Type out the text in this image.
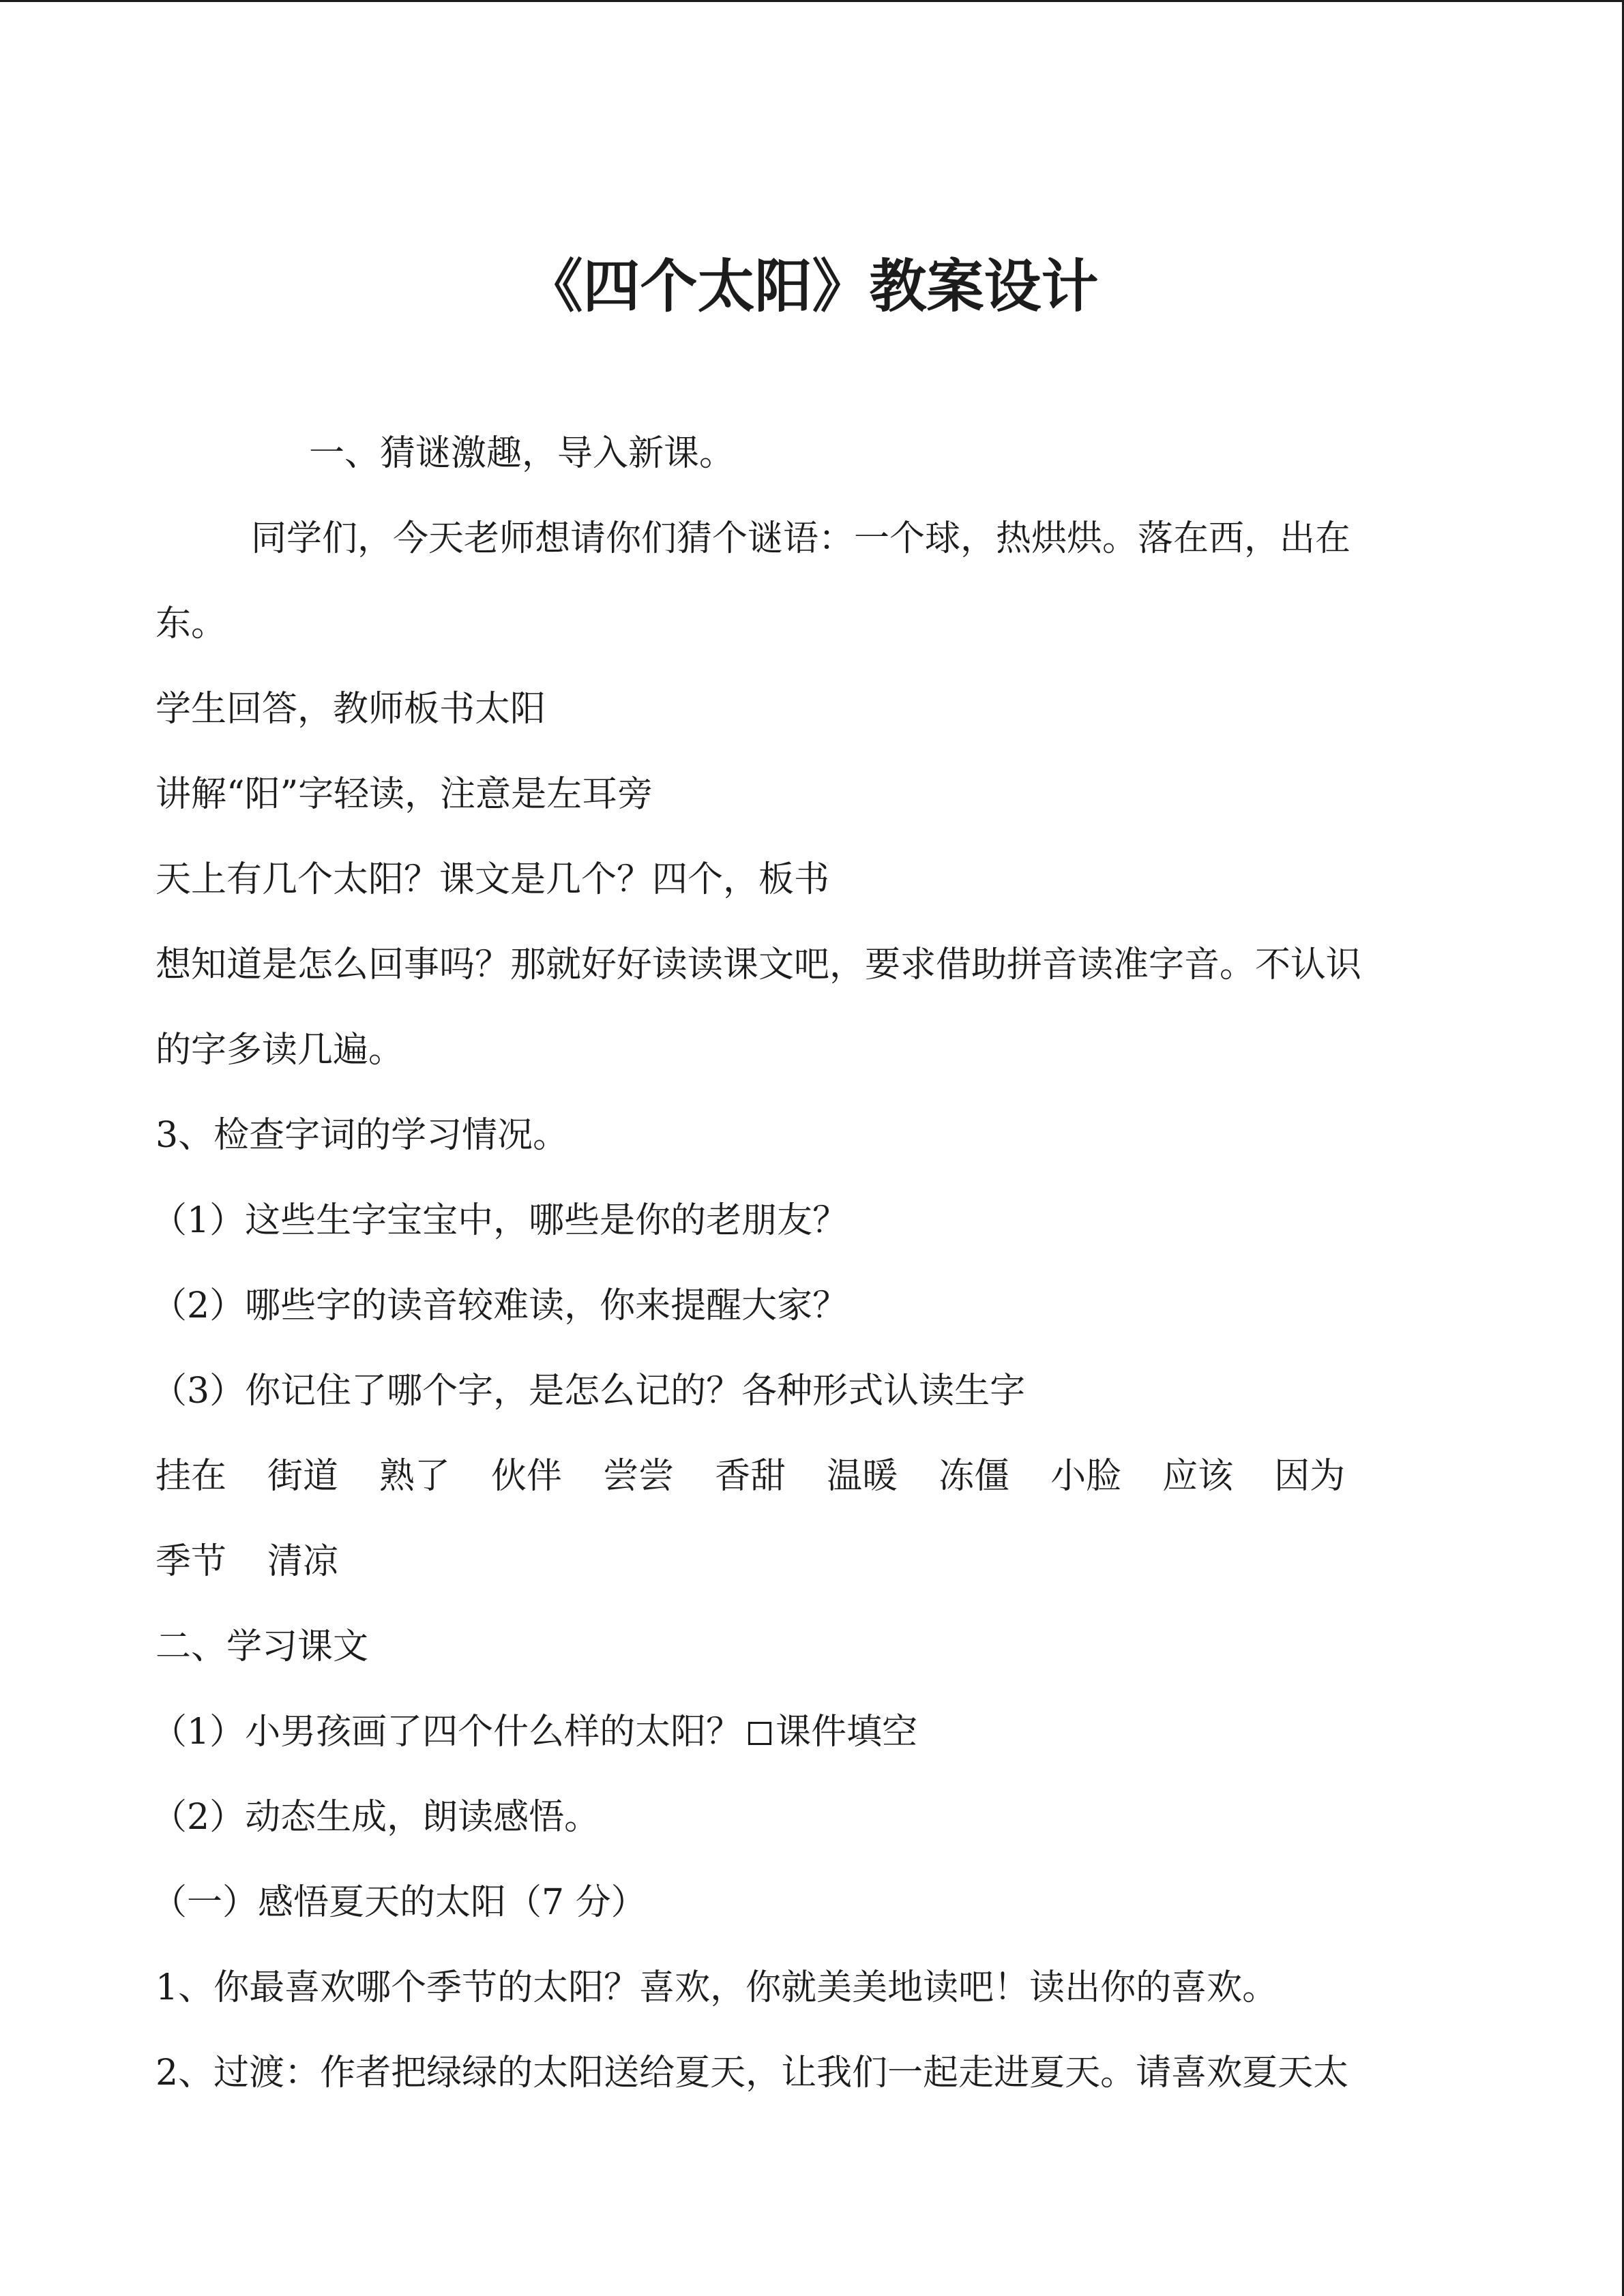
《四个太阳》教案设计
一、猜谜激趣，导入新课。
同学们，今天老师想请你们猜个谜语：一个球，热烘烘。落在西，出在
东。
学生回答，教师板书太阳
讲解“阳”字轻读，注意是左耳旁
天上有几个太阳？课文是几个？四个，板书
想知道是怎么回事吗？那就好好读读课文吧，要求借助拼音读准字音。不认识
的字多读几遍。
3、检查字词的学习情况。
（1）这些生字宝宝中，哪些是你的老朋友？
（2）哪些字的读音较难读，你来提醒大家？
（3）你记住了哪个字，是怎么记的？各种形式认读生字
挂在 街道 熟了 伙伴 尝尝 香甜 温暖 冻僵 小脸 应该 因为
季节 清凉
二、学习课文
（1）小男孩画了四个什么样的太阳？ 课件填空
（2）动态生成，朗读感悟。
（一）感悟夏天的太阳（7 分）
1、你最喜欢哪个季节的太阳？喜欢，你就美美地读吧！读出你的喜欢。
2、过渡：作者把绿绿的太阳送给夏天，让我们一起走进夏天。请喜欢夏天太
